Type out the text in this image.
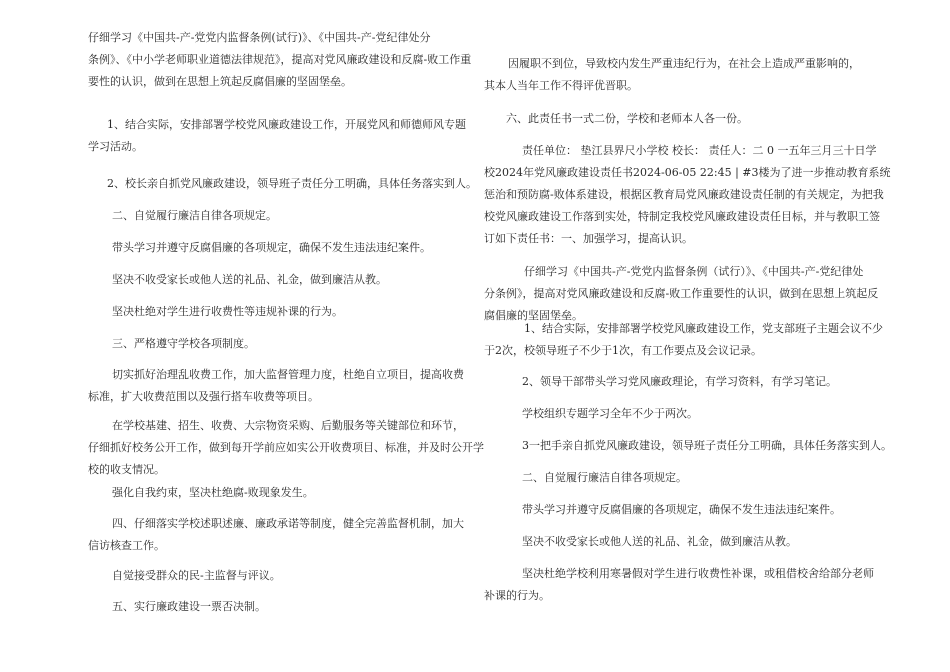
仔细学习《中国共-产-党党内监督条例(试行)》、《中国共-产-党纪律处分
条例》、《中小学老师职业道德法律规范》，提高对党风廉政建设和反腐-败工作重
要性的认识，做到在思想上筑起反腐倡廉的坚固堡垒。

1、结合实际，安排部署学校党风廉政建设工作，开展党风和师德师风专题
学习活动。

2、校长亲自抓党风廉政建设，领导班子责任分工明确，具体任务落实到人。

二、自觉履行廉洁自律各项规定。

带头学习并遵守反腐倡廉的各项规定，确保不发生违法违纪案件。

坚决不收受家长或他人送的礼品、礼金，做到廉洁从教。

坚决杜绝对学生进行收费性等违规补课的行为。

三、严格遵守学校各项制度。

切实抓好治理乱收费工作，加大监督管理力度，杜绝自立项目，提高收费
标准，扩大收费范围以及强行搭车收费等项目。

在学校基建、招生、收费、大宗物资采购、后勤服务等关键部位和环节，
仔细抓好校务公开工作，做到每开学前应如实公开收费项目、标准，并及时公开学
校的收支情况。

强化自我约束，坚决杜绝腐-败现象发生。

四、仔细落实学校述职述廉、廉政承诺等制度，健全完善监督机制，加大
信访核查工作。

自觉接受群众的民-主监督与评议。

五、实行廉政建设一票否决制。

因履职不到位，导致校内发生严重违纪行为，在社会上造成严重影响的，
其本人当年工作不得评优晋职。

六、此责任书一式二份，学校和老师本人各一份。

责任单位： 垫江县界尺小学校 校长： 责任人：二 0 一五年三月三十日学
校2024年党风廉政建设责任书2024-06-05 22:45 | #3楼为了进一步推动教育系统
惩治和预防腐-败体系建设，根据区教育局党风廉政建设责任制的有关规定，为把我
校党风廉政建设工作落到实处，特制定我校党风廉政建设责任目标，并与教职工签
订如下责任书：一、加强学习，提高认识。

仔细学习《中国共-产-党党内监督条例（试行）》、《中国共-产-党纪律处
分条例》，提高对党风廉政建设和反腐-败工作重要性的认识，做到在思想上筑起反
腐倡廉的坚固堡垒。

1、结合实际，安排部署学校党风廉政建设工作，党支部班子主题会议不少
于2次，校领导班子不少于1次，有工作要点及会议记录。

2、领导干部带头学习党风廉政理论，有学习资料，有学习笔记。

学校组织专题学习全年不少于两次。

3一把手亲自抓党风廉政建设，领导班子责任分工明确，具体任务落实到人。

二、自觉履行廉洁自律各项规定。

带头学习并遵守反腐倡廉的各项规定，确保不发生违法违纪案件。

坚决不收受家长或他人送的礼品、礼金，做到廉洁从教。

坚决杜绝学校利用寒暑假对学生进行收费性补课，或租借校舍给部分老师
补课的行为。
